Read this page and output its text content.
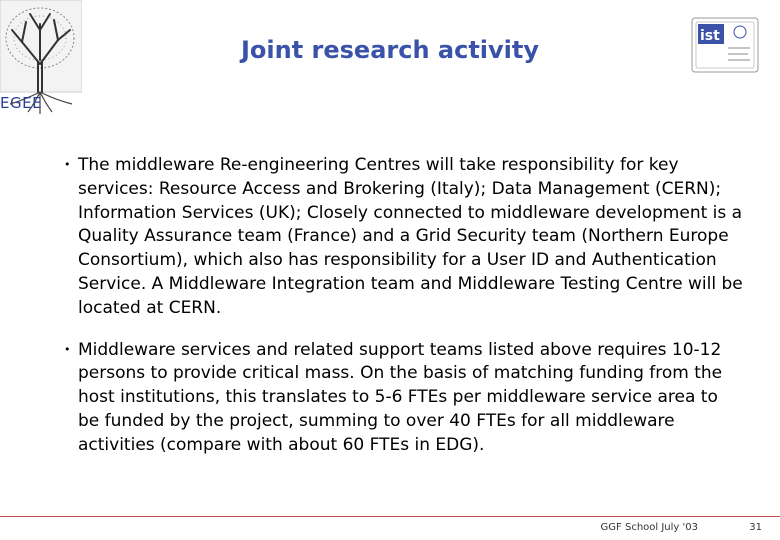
EGEE
Joint research activity	ist

• The middleware Re-engineering Centres will take responsibility for key services: Resource Access and Brokering (Italy); Data Management (CERN); Information Services (UK); Closely connected to middleware development is a Quality Assurance team (France) and a Grid Security team (Northern Europe Consortium), which also has responsibility for a User ID and Authentication Service. A Middleware Integration team and Middleware Testing Centre will be located at CERN.

• Middleware services and related support teams listed above requires 10-12 persons to provide critical mass. On the basis of matching funding from the host institutions, this translates to 5-6 FTEs per middleware service area to be funded by the project, summing to over 40 FTEs for all middleware activities (compare with about 60 FTEs in EDG).

GGF School July '03	31
